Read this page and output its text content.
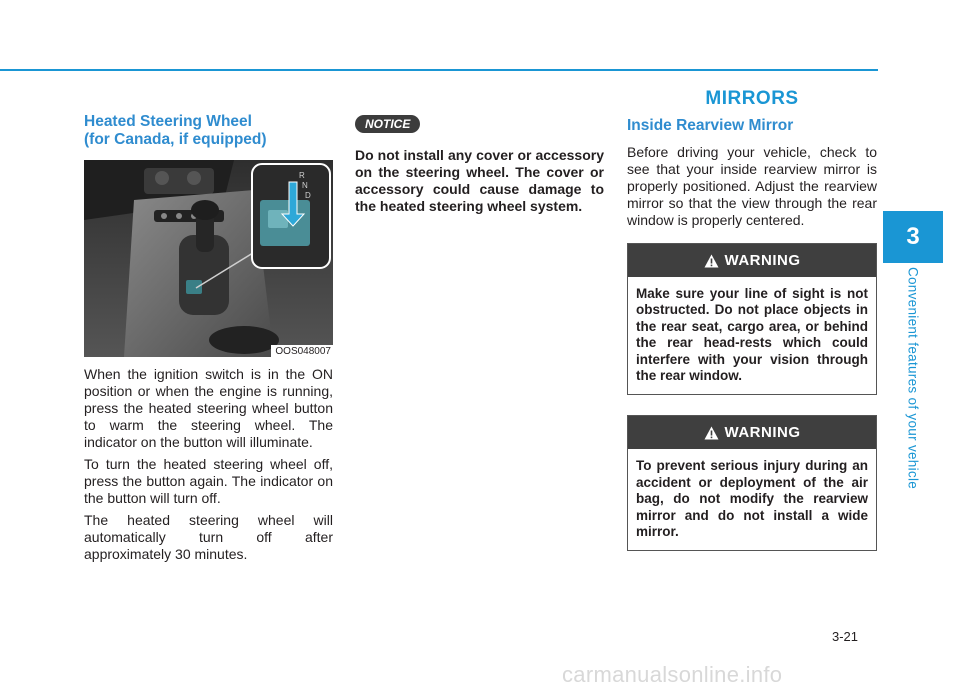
3
Convenient features of your vehicle
Heated Steering Wheel
(for Canada, if equipped)
R
N
D
OOS048007

When the ignition switch is in the ON position or when the engine is running, press the heated steering wheel button to warm the steering wheel. The indicator on the button will illuminate.

To turn the heated steering wheel off, press the button again. The indicator on the button will turn off.

The heated steering wheel will automatically turn off after approximately 30 minutes.

NOTICE

Do not install any cover or accessory on the steering wheel. The cover or accessory could cause damage to the heated steering wheel system.

MIRRORS
Inside Rearview Mirror

Before driving your vehicle, check to see that your inside rearview mirror is properly positioned. Adjust the rearview mirror so that the view through the rear window is properly centered.

WARNING
Make sure your line of sight is not obstructed. Do not place objects in the rear seat, cargo area, or behind the rear head-rests which could interfere with your vision through the rear window.
WARNING
To prevent serious injury during an accident or deployment of the air bag, do not modify the rearview mirror and do not install a wide mirror.
3-21
carmanualsonline.info
